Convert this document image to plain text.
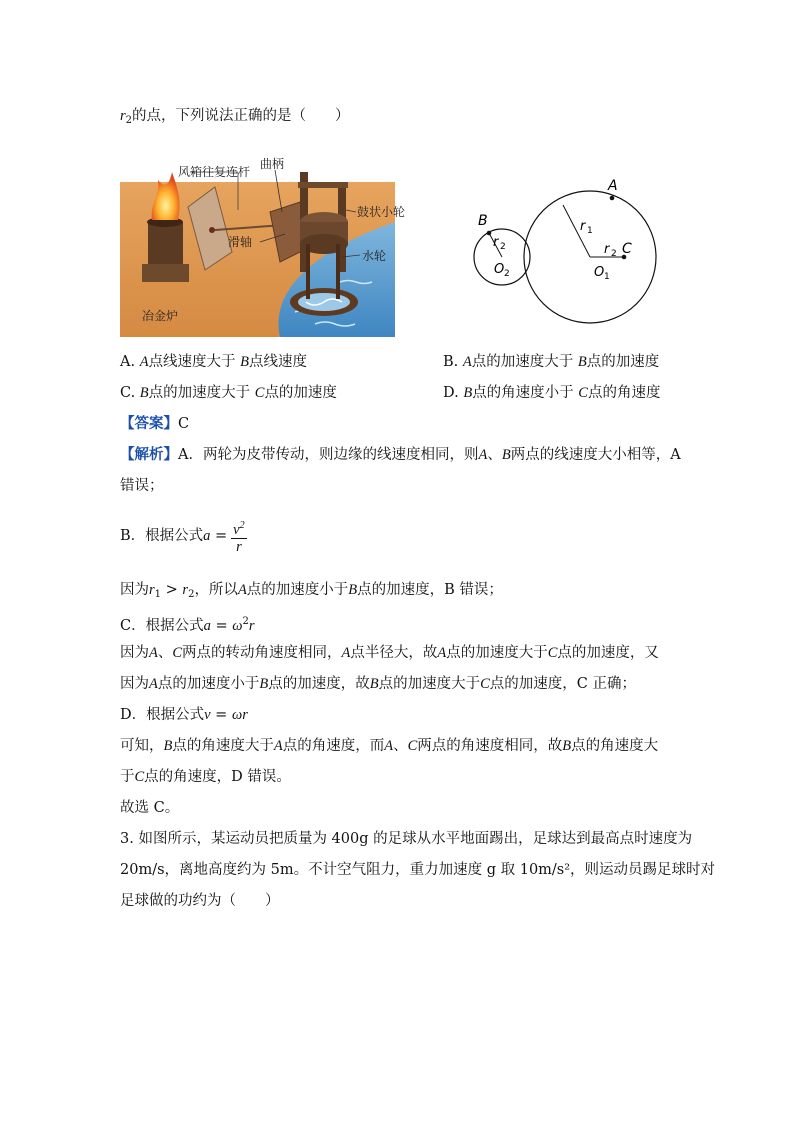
$r_2$的点，下列说法正确的是（　　）
风箱往复连杆
曲柄
鼓状小轮
滑轴
水轮
冶金炉
A
B
C
r 1
r 2
r 2
O 2	O 1
A. A点线速度大于 B点线速度	B. A点的加速度大于 B点的加速度
C. B点的加速度大于 C点的加速度	D. B点的角速度小于 C点的角速度
【答案】C
【解析】A．两轮为皮带传动，则边缘的线速度相同，则A、B两点的线速度大小相等，A
错误；
B．根据公式$a = \frac{v^2}{r}$
因为$r_1 > r_2$，所以A点的加速度小于B点的加速度，B 错误；
C．根据公式$a = \omega^2r$
因为A、C两点的转动角速度相同，A点半径大，故A点的加速度大于C点的加速度，又
因为A点的加速度小于B点的加速度，故B点的加速度大于C点的加速度，C 正确；
D．根据公式v = ωr
可知，B点的角速度大于A点的角速度，而A、C两点的角速度相同，故B点的角速度大
于C点的角速度，D 错误。
故选 C。
3. 如图所示，某运动员把质量为 400g 的足球从水平地面踢出，足球达到最高点时速度为
20m/s，离地高度约为 5m。不计空气阻力，重力加速度 g 取 10m/s²，则运动员踢足球时对
足球做的功约为（　　）
